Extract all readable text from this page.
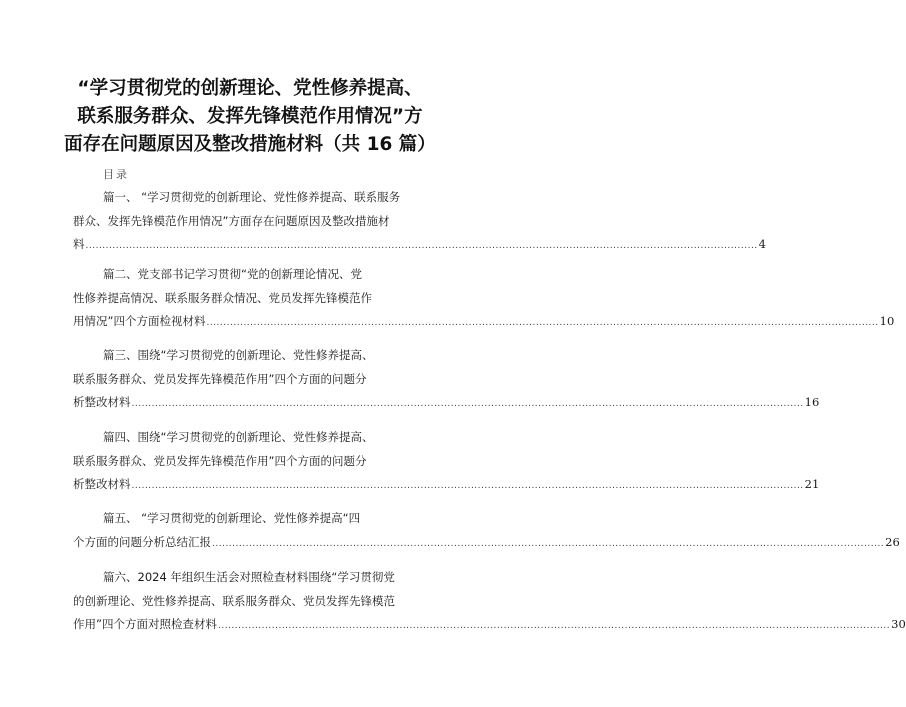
“学习贯彻党的创新理论、党性修养提高、
联系服务群众、发挥先锋模范作用情况”方
面存在问题原因及整改措施材料（共 16 篇）
目录
篇一、 “学习贯彻党的创新理论、党性修养提高、联系服务
群众、发挥先锋模范作用情况”方面存在问题原因及整改措施材
料 ........................................................................................................................................................................................................ 4
篇二、党支部书记学习贯彻“党的创新理论情况、党
性修养提高情况、联系服务群众情况、党员发挥先锋模范作
用情况”四个方面检视材料 ........................................................................................................................................................................................................ 10
篇三、围绕“学习贯彻党的创新理论、党性修养提高、
联系服务群众、党员发挥先锋模范作用”四个方面的问题分
析整改材料 ........................................................................................................................................................................................................ 16
篇四、围绕“学习贯彻党的创新理论、党性修养提高、
联系服务群众、党员发挥先锋模范作用”四个方面的问题分
析整改材料 ........................................................................................................................................................................................................ 21
篇五、 “学习贯彻党的创新理论、党性修养提高“四
个方面的问题分析总结汇报 ........................................................................................................................................................................................................ 26
篇六、2024 年组织生活会对照检查材料围绕“学习贯彻党
的创新理论、党性修养提高、联系服务群众、党员发挥先锋模范
作用”四个方面对照检查材料 ........................................................................................................................................................................................................ 30
